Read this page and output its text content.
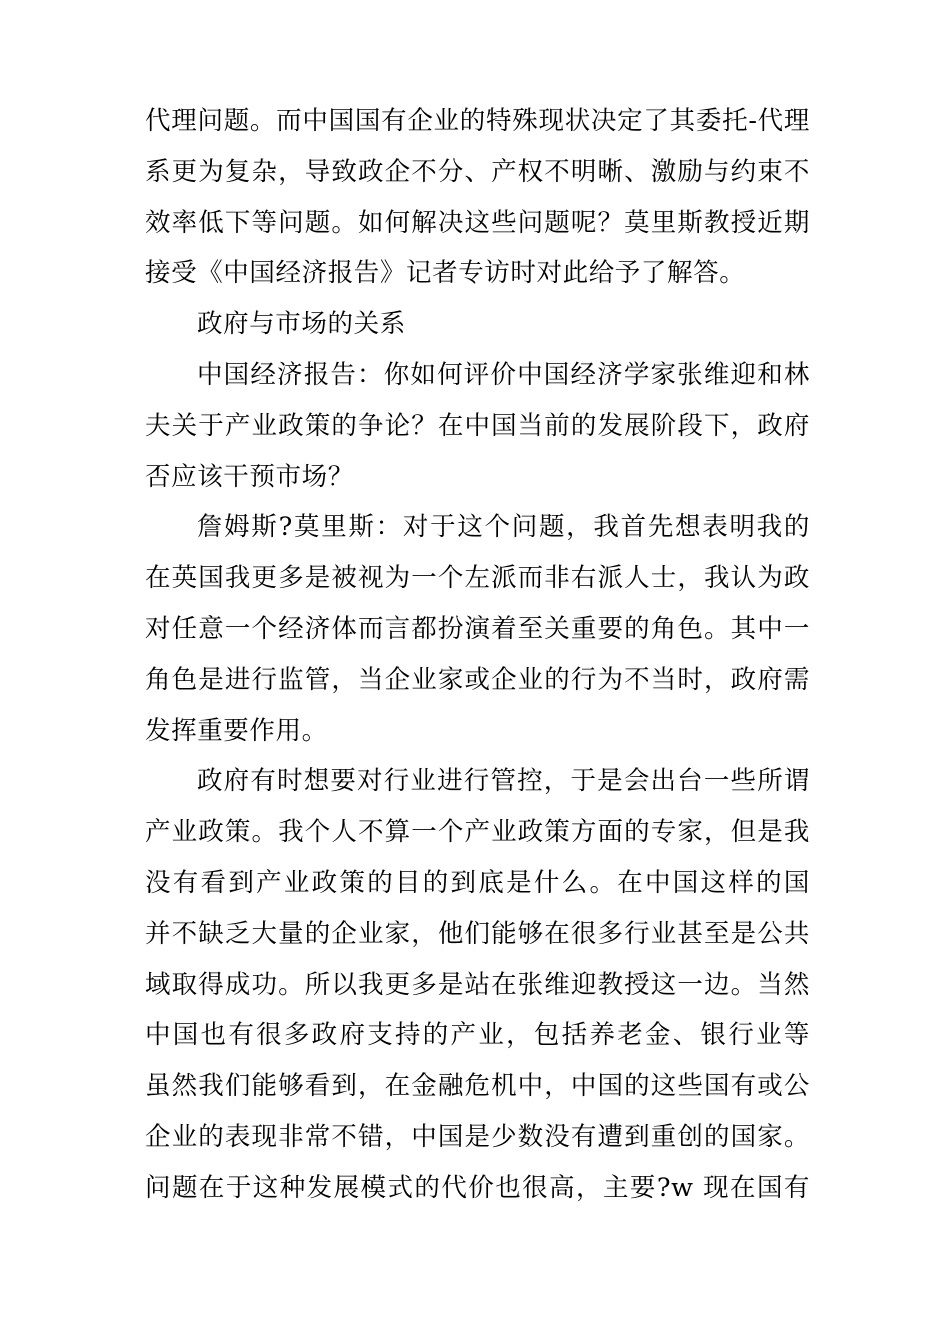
代理问题。而中国国有企业的特殊现状决定了其委托-代理
系更为复杂，导致政企不分、产权不明晰、激励与约束不
效率低下等问题。如何解决这些问题呢？莫里斯教授近期
接受《中国经济报告》记者专访时对此给予了解答。
政府与市场的关系
中国经济报告：你如何评价中国经济学家张维迎和林
夫关于产业政策的争论？在中国当前的发展阶段下，政府
否应该干预市场？
詹姆斯?莫里斯：对于这个问题，我首先想表明我的
在英国我更多是被视为一个左派而非右派人士，我认为政
对任意一个经济体而言都扮演着至关重要的角色。其中一
角色是进行监管，当企业家或企业的行为不当时，政府需
发挥重要作用。
政府有时想要对行业进行管控，于是会出台一些所谓
产业政策。我个人不算一个产业政策方面的专家，但是我
没有看到产业政策的目的到底是什么。在中国这样的国
并不缺乏大量的企业家，他们能够在很多行业甚至是公共
域取得成功。所以我更多是站在张维迎教授这一边。当然
中国也有很多政府支持的产业，包括养老金、银行业等
虽然我们能够看到，在金融危机中，中国的这些国有或公
企业的表现非常不错，中国是少数没有遭到重创的国家。
问题在于这种发展模式的代价也很高，主要?w 现在国有
